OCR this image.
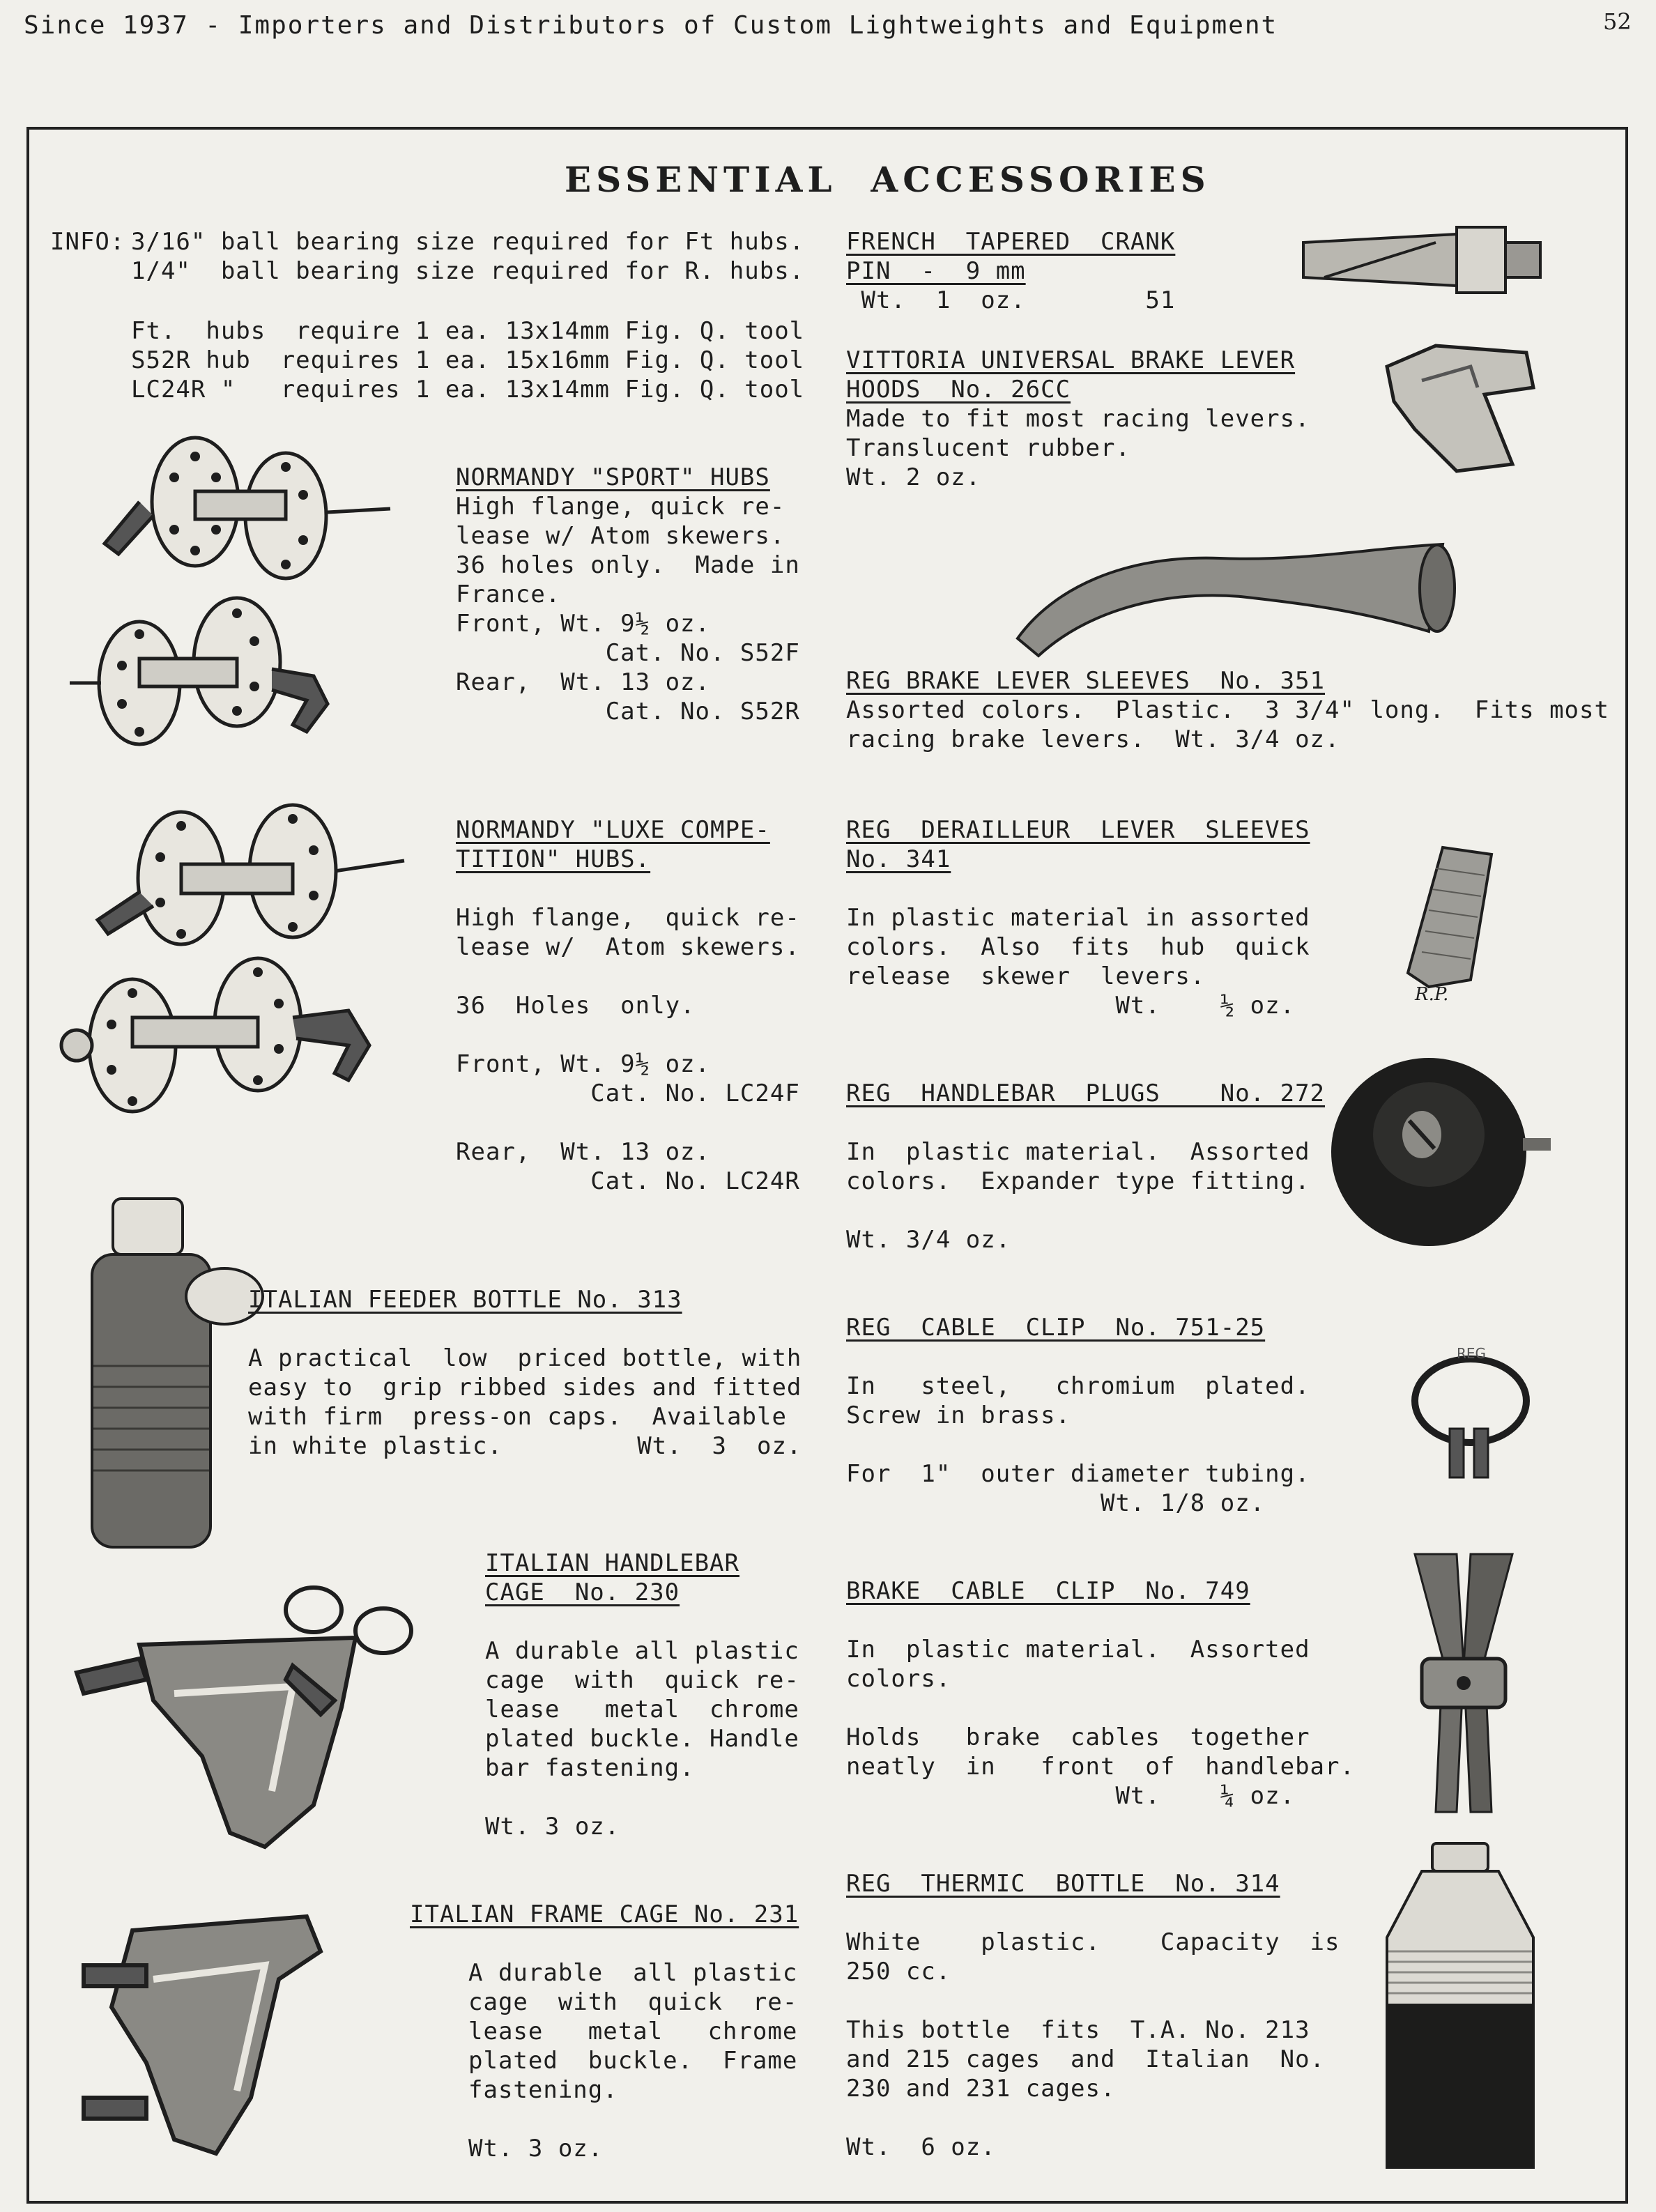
Since 1937 - Importers and Distributors of Custom Lightweights and Equipment	52
ESSENTIAL  ACCESSORIES
INFO: 3/16" ball bearing size required for Ft hubs.
1/4"  ball bearing size required for R. hubs.
Ft.  hubs  require 1 ea. 13x14mm Fig. Q. tool
S52R hub  requires 1 ea. 15x16mm Fig. Q. tool
LC24R "   requires 1 ea. 13x14mm Fig. Q. tool
NORMANDY "SPORT" HUBS
High flange, quick re-
lease w/ Atom skewers.
36 holes only.  Made in
France.
Front, Wt. 9½ oz.
Cat. No. S52F
Rear,  Wt. 13 oz.
Cat. No. S52R
NORMANDY "LUXE COMPE-
TITION" HUBS.
High flange,  quick re-
lease w/  Atom skewers.
36  Holes  only.
Front, Wt. 9½ oz.
Cat. No. LC24F
Rear,  Wt. 13 oz.
Cat. No. LC24R
ITALIAN FEEDER BOTTLE No. 313
A practical  low  priced bottle, with
easy to  grip ribbed sides and fitted
with firm  press-on caps.  Available
in white plastic.         Wt.  3  oz.
ITALIAN HANDLEBAR
CAGE  No. 230
A durable all plastic
cage  with  quick re-
lease   metal  chrome
plated buckle. Handle
bar fastening.
Wt. 3 oz.
ITALIAN FRAME CAGE No. 231
A durable  all plastic
cage  with  quick  re-
lease   metal   chrome
plated  buckle.  Frame
fastening.
Wt. 3 oz.
FRENCH  TAPERED  CRANK
PIN  -  9 mm
Wt.  1  oz.        51
VITTORIA UNIVERSAL BRAKE LEVER
HOODS  No. 26CC
Made to fit most racing levers.
Translucent rubber.
Wt. 2 oz.
REG BRAKE LEVER SLEEVES  No. 351
Assorted colors.  Plastic.  3 3/4" long.  Fits most
racing brake levers.  Wt. 3/4 oz.
REG  DERAILLEUR  LEVER  SLEEVES
No. 341
In plastic material in assorted
colors.  Also  fits  hub  quick
release  skewer  levers.
Wt.    ½ oz.	R.P.
REG  HANDLEBAR  PLUGS    No. 272
In  plastic material.  Assorted
colors.  Expander type fitting.
Wt. 3/4 oz.
REG  CABLE  CLIP  No. 751-25
In   steel,   chromium  plated.
Screw in brass.
For  1"  outer diameter tubing.
Wt. 1/8 oz.
REG
BRAKE  CABLE  CLIP  No. 749
In  plastic material.  Assorted
colors.
Holds   brake  cables  together
neatly  in   front  of  handlebar.
Wt.    ¼ oz.
REG  THERMIC  BOTTLE  No. 314
White    plastic.    Capacity  is
250 cc.
This bottle  fits  T.A. No. 213
and 215 cages  and  Italian  No.
230 and 231 cages.
Wt.  6 oz.
